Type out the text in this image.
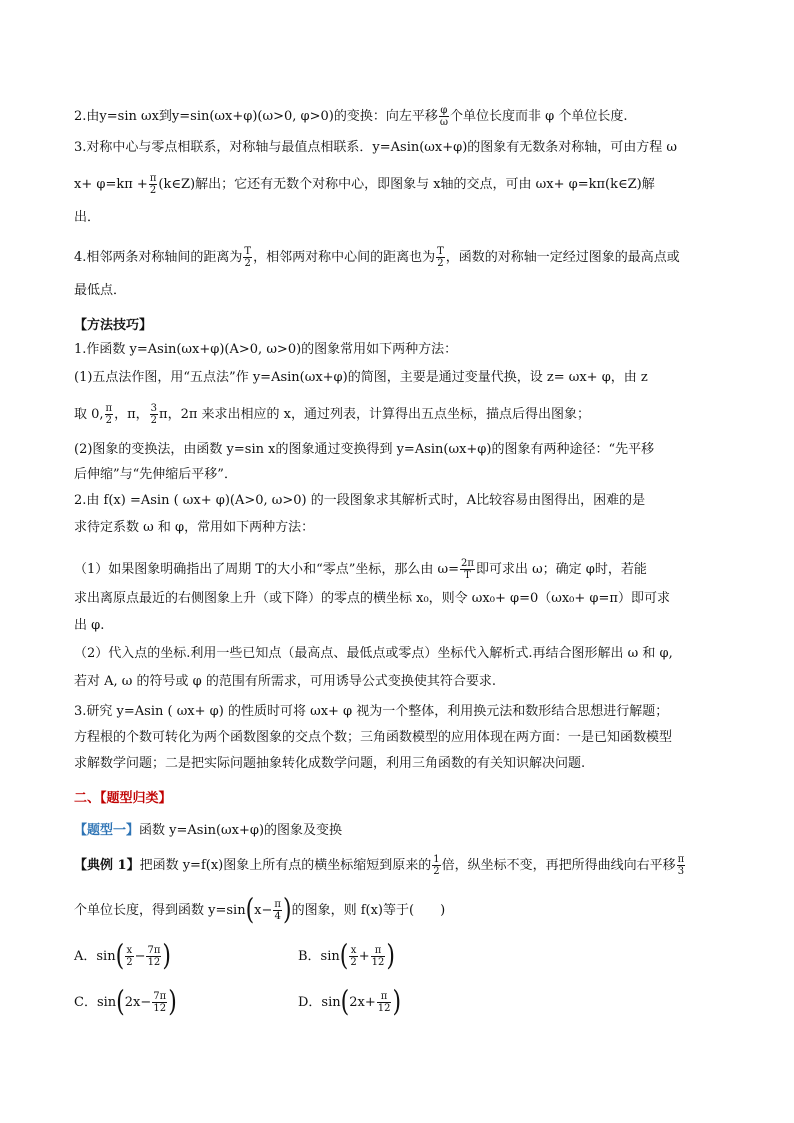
2.由y=sin ωx到y=sin(ωx+φ)(ω>0, φ>0)的变换：向左平移 $\frac{\varphi}{\omega}$ 个单位长度而非 φ 个单位长度.
3.对称中心与零点相联系，对称轴与最值点相联系．y=Asin(ωx+φ)的图象有无数条对称轴，可由方程 ω
$x+ \varphi=k\pi + \frac{\pi}{2}$ (k∈Z)解出；它还有无数个对称中心，即图象与 x轴的交点，可由 ωx+ φ=kπ(k∈Z)解
出．
4.相邻两条对称轴间的距离为 $\frac{T}{2}$ ，相邻两对称中心间的距离也为 $\frac{T}{2}$ ，函数的对称轴一定经过图象的最高点或
最低点．
【方法技巧】
1.作函数 y=Asin(ωx+φ)(A>0, ω>0)的图象常用如下两种方法：
(1)五点法作图，用“五点法”作 y=Asin(ωx+φ)的简图，主要是通过变量代换，设 z= ωx+ φ，由 z
取 0, $\frac{\pi}{2}$ ，π， $\frac{3}{2}$ π，2π 来求出相应的 x，通过列表，计算得出五点坐标，描点后得出图象；
(2)图象的变换法，由函数 y=sin x的图象通过变换得到 y=Asin(ωx+φ)的图象有两种途径：“先平移
后伸缩”与“先伸缩后平移”．
2.由 f(x) =Asin ( ωx+ φ)(A>0, ω>0) 的一段图象求其解析式时，A比较容易由图得出，困难的是
求待定系数 ω 和 φ，常用如下两种方法：
（1）如果图象明确指出了周期 T的大小和“零点”坐标，那么由 $\omega= \frac{2\pi}{T}$ 即可求出 ω；确定 φ时，若能
求出离原点最近的右侧图象上升（或下降）的零点的横坐标 x₀，则令 ωx₀+ φ=0（ωx₀+ φ=π）即可求
出 φ.
（2）代入点的坐标.利用一些已知点（最高点、最低点或零点）坐标代入解析式.再结合图形解出 ω 和 φ,
若对 A, ω 的符号或 φ 的范围有所需求，可用诱导公式变换使其符合要求.
3.研究 y=Asin ( ωx+ φ) 的性质时可将 ωx+ φ 视为一个整体，利用换元法和数形结合思想进行解题；
方程根的个数可转化为两个函数图象的交点个数；三角函数模型的应用体现在两方面：一是已知函数模型
求解数学问题；二是把实际问题抽象转化成数学问题，利用三角函数的有关知识解决问题.
二、【题型归类】
【题型一】函数 y=Asin(ωx+φ)的图象及变换
【典例 1】把函数 y=f(x)图象上所有点的横坐标缩短到原来的 $\frac{1}{2}$ 倍，纵坐标不变，再把所得曲线向右平移 $\frac{\pi}{3}$
个单位长度，得到函数 $y=\sin(x- \frac{\pi}{4}$ )的图象，则 f(x)等于(　　)
A．$\sin( \frac{x}{2} - \frac{7\pi}{12}$ )	B．$\sin( \frac{x}{2} + \frac{\pi}{12}$ )
C．$\sin(2x- \frac{7\pi}{12}$ )	D．$\sin(2x+ \frac{\pi}{12}$ )
